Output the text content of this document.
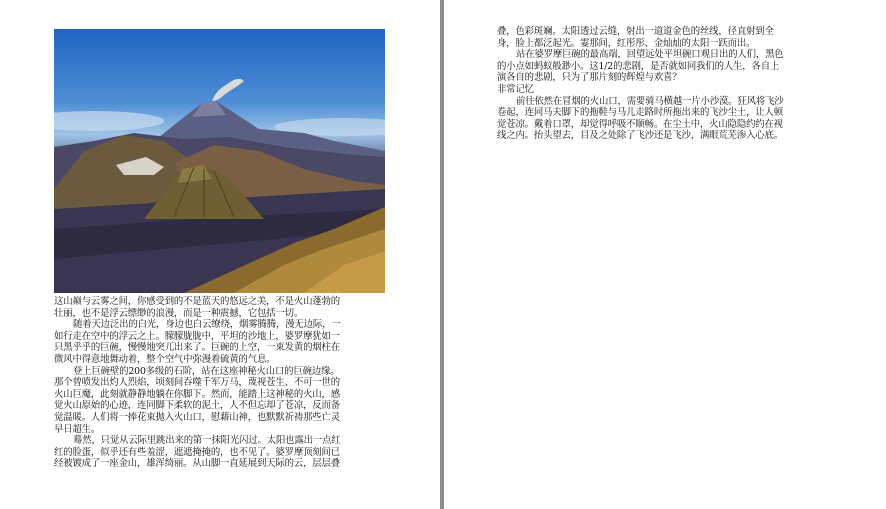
这山巅与云雾之间，你感受到的不是蓝天的悠远之美，不是火山蓬勃的

壮丽，也不是浮云缥缈的浪漫，而是一种震撼，它包括一切。

随着天边泛出的白光，身边也白云缭绕，烟雾腾腾，漫无边际，一

如行走在空中的浮云之上。朦朦胧胧中，平坦的沙地上，婆罗摩犹如一

只黑乎乎的巨碗，慢慢地突兀出来了。巨碗的上空，一束发黄的烟柱在

微风中得意地舞动着，整个空气中弥漫着硫黄的气息。

登上巨碗壁的200多级的石阶，站在这座神秘火山口的巨碗边缘。

那个曾喷发出灼人烈焰，顷刻间吞噬千军万马，蔑视苍生、不可一世的

火山巨魔，此刻就静静地躺在你脚下。然而，能踏上这神秘的火山，感

觉火山原始的心迹，连同脚下柔软的泥土，人不但忘却了苍凉，反而备

觉温暖。人们将一捧花束抛入火山口，慰藉山神，也默默祈祷那些亡灵

早日超生。

蓦然，只觉从云际里跳出来的第一抹阳光闪过。太阳也露出一点红

红的脸蛋，似乎还有些羞涩，遮遮掩掩的，也不见了。婆罗摩顶刻间已

经被镀成了一座金山，雄浑绮丽。从山脚一直延展到天际的云，层层叠

叠，色彩斑斓。太阳透过云缝，射出一道道金色的丝线，径直射到全

身，脸上都泛起光。霎那间，红彤彤、金灿灿的太阳一跃而出。

站在婆罗摩巨碗的最高端，回望远处平坦碗口观日出的人们，黑色

的小点如蚂蚁般渺小。这1/2的悲剧，是否就如同我们的人生，各自上

演各自的悲剧，只为了那片刻的辉煌与欢喜？

非常记忆

前往依然在冒烟的火山口，需要骑马横越一片小沙漠。狂风将飞沙

卷起，连同马夫脚下的拖鞋与马儿走路时所拖出来的飞沙尘土，让人顿

觉苍凉。戴着口罩，却觉得呼吸不顺畅。在尘土中，火山隐隐约约在视

线之内。抬头望去，目及之处除了飞沙还是飞沙，满眼荒芜渗入心底。
